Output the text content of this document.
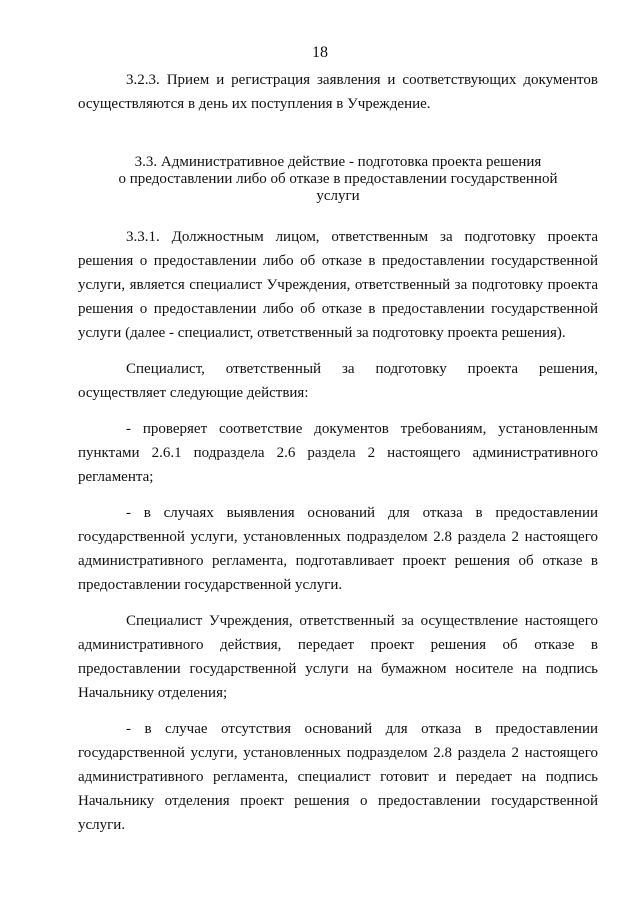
18

3.2.3. Прием и регистрация заявления и соответствующих документов осуществляются в день их поступления в Учреждение.

3.3. Административное действие - подготовка проекта решения
о предоставлении либо об отказе в предоставлении государственной
услуги

3.3.1. Должностным лицом, ответственным за подготовку проекта решения о предоставлении либо об отказе в предоставлении государственной услуги, является специалист Учреждения, ответственный за подготовку проекта решения о предоставлении либо об отказе в предоставлении государственной услуги (далее - специалист, ответственный за подготовку проекта решения).

Специалист, ответственный за подготовку проекта решения, осуществляет следующие действия:

- проверяет соответствие документов требованиям, установленным пунктами 2.6.1 подраздела 2.6 раздела 2 настоящего административного регламента;

- в случаях выявления оснований для отказа в предоставлении государственной услуги, установленных подразделом 2.8 раздела 2 настоящего административного регламента, подготавливает проект решения об отказе в предоставлении государственной услуги.

Специалист Учреждения, ответственный за осуществление настоящего административного действия, передает проект решения об отказе в предоставлении государственной услуги на бумажном носителе на подпись Начальнику отделения;

- в случае отсутствия оснований для отказа в предоставлении государственной услуги, установленных подразделом 2.8 раздела 2 настоящего административного регламента, специалист готовит и передает на подпись Начальнику отделения проект решения о предоставлении государственной услуги.
